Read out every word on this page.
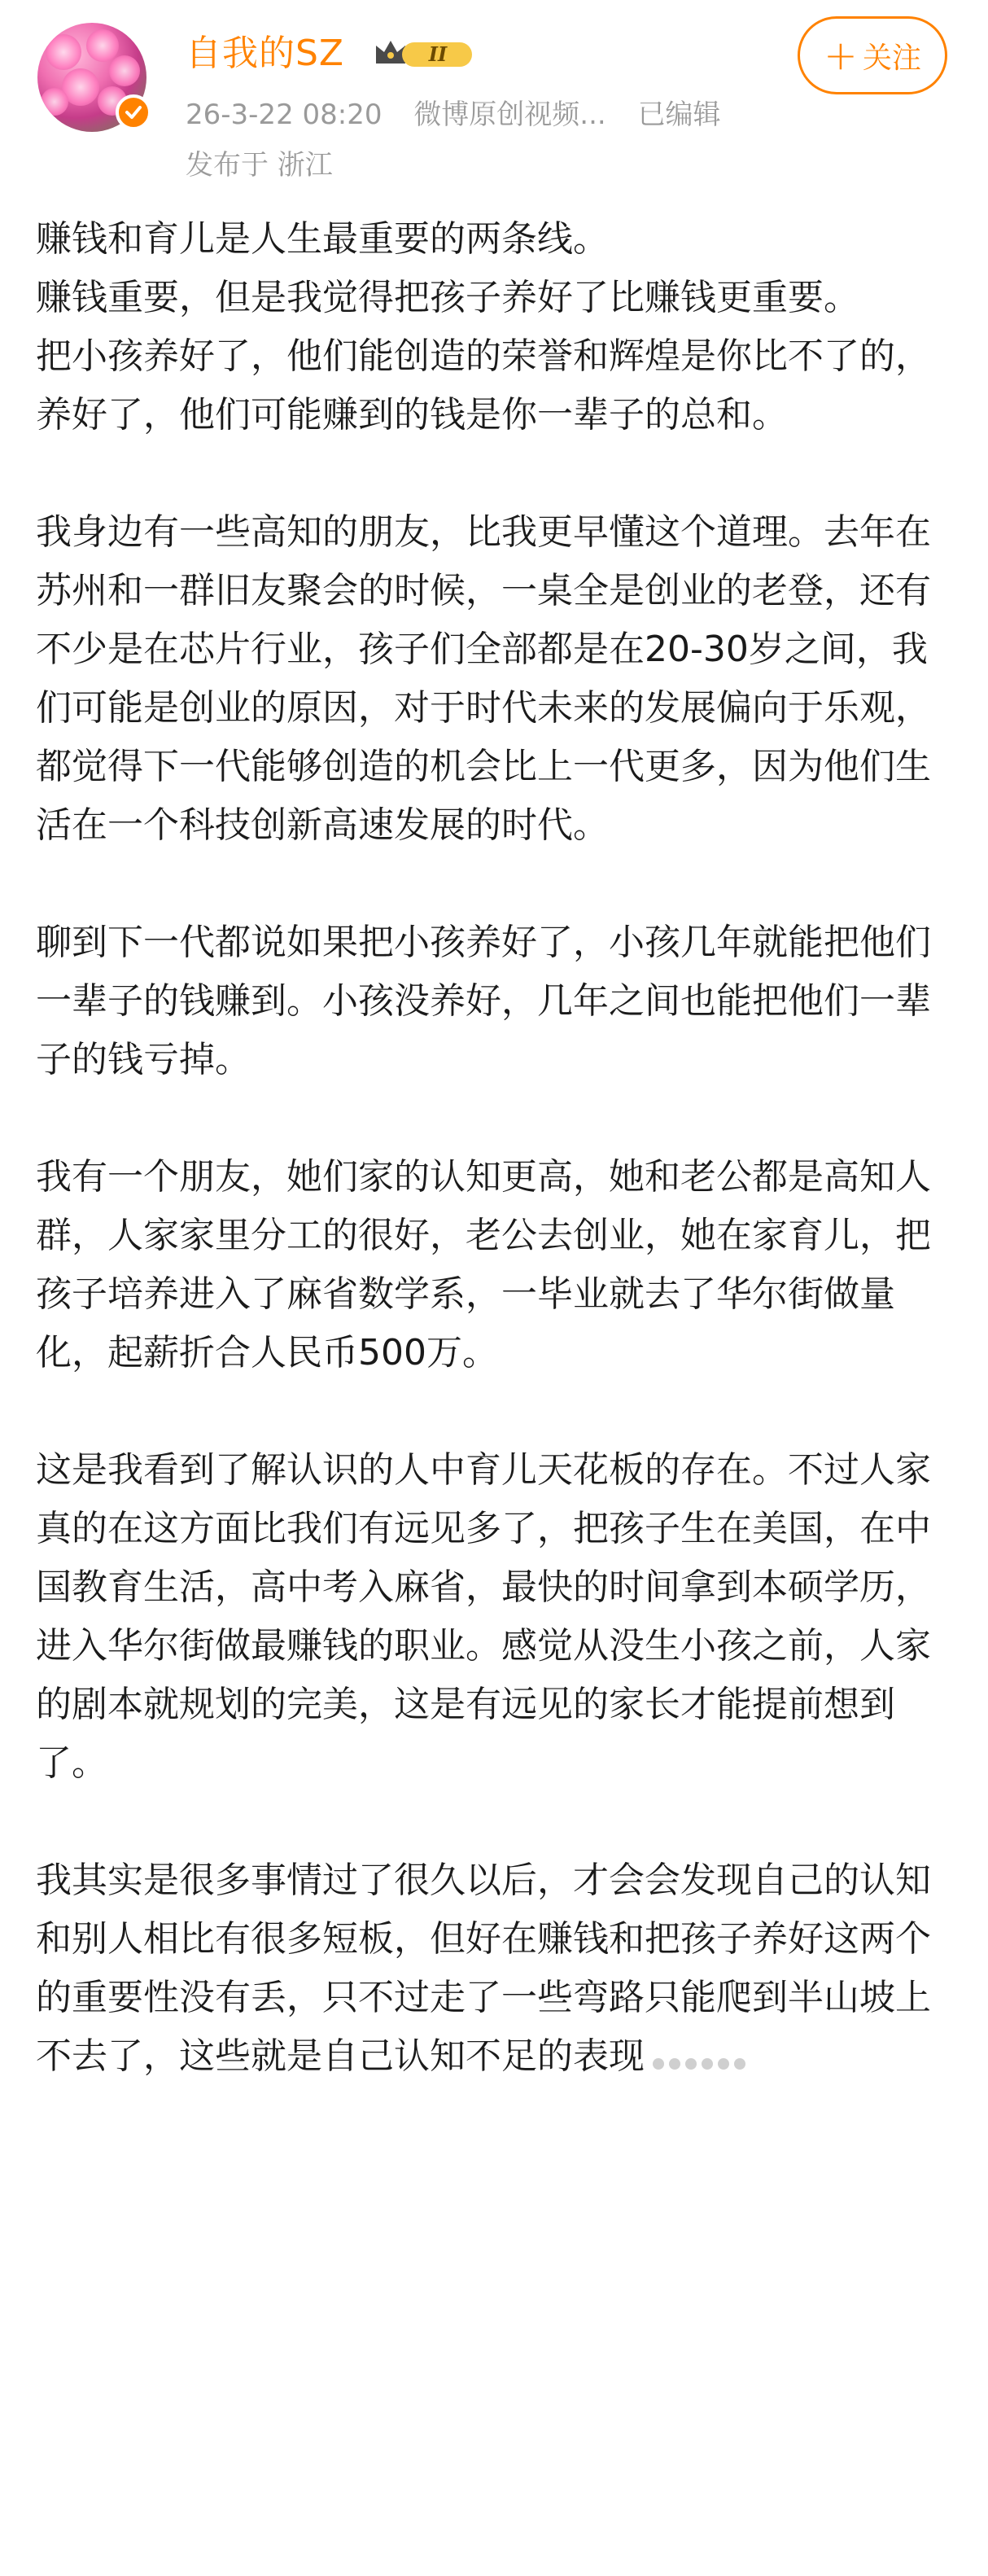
自我的SZ	II
26-3-22 08:20 微博原创视频... 已编辑
发布于 浙江
+ 关注

赚钱和育儿是人生最重要的两条线。
赚钱重要，但是我觉得把孩子养好了比赚钱更重要。
把小孩养好了，他们能创造的荣誉和辉煌是你比不了的，养好了，他们可能赚到的钱是你一辈子的总和。

我身边有一些高知的朋友，比我更早懂这个道理。去年在苏州和一群旧友聚会的时候，一桌全是创业的老登，还有不少是在芯片行业，孩子们全部都是在20-30岁之间，我们可能是创业的原因，对于时代未来的发展偏向于乐观，都觉得下一代能够创造的机会比上一代更多，因为他们生活在一个科技创新高速发展的时代。

聊到下一代都说如果把小孩养好了，小孩几年就能把他们一辈子的钱赚到。小孩没养好，几年之间也能把他们一辈子的钱亏掉。

我有一个朋友，她们家的认知更高，她和老公都是高知人群，人家家里分工的很好，老公去创业，她在家育儿，把孩子培养进入了麻省数学系，一毕业就去了华尔街做量化，起薪折合人民币500万。

这是我看到了解认识的人中育儿天花板的存在。不过人家真的在这方面比我们有远见多了，把孩子生在美国，在中国教育生活，高中考入麻省，最快的时间拿到本硕学历，进入华尔街做最赚钱的职业。感觉从没生小孩之前，人家的剧本就规划的完美，这是有远见的家长才能提前想到了。

我其实是很多事情过了很久以后，才会会发现自己的认知和别人相比有很多短板，但好在赚钱和把孩子养好这两个的重要性没有丢，只不过走了一些弯路只能爬到半山坡上不去了，这些就是自己认知不足的表现
